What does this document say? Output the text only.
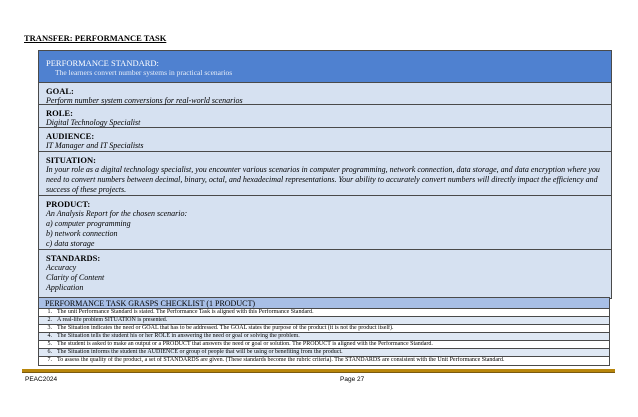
TRANSFER: PERFORMANCE TASK
PERFORMANCE STANDARD:
The learners convert number systems in practical scenarios
GOAL:
Perform number system conversions for real-world scenarios
ROLE:
Digital Technology Specialist
AUDIENCE:
IT Manager and IT Specialists
SITUATION:
In your role as a digital technology specialist, you encounter various scenarios in computer programming, network connection, data storage, and data encryption where you need to convert numbers between decimal, binary, octal, and hexadecimal representations. Your ability to accurately convert numbers will directly impact the efficiency and success of these projects.
PRODUCT:
An Analysis Report for the chosen scenario:
a) computer programming
b) network connection
c) data storage
STANDARDS:
Accuracy
Clarity of Content
Application
PERFORMANCE TASK GRASPS CHECKLIST (1 PRODUCT)
1. The unit Performance Standard is stated. The Performance Task is aligned with this Performance Standard.
2. A real-life problem SITUATION is presented.
3. The Situation indicates the need or GOAL that has to be addressed. The GOAL states the purpose of the product (it is not the product itself).
4. The Situation tells the student his or her ROLE in answering the need or goal or solving the problem.
5. The student is asked to make an output or a PRODUCT that answers the need or goal or solution. The PRODUCT is aligned with the Performance Standard.
6. The Situation informs the student the AUDIENCE or group of people that will be using or benefiting from the product.
7. To assess the quality of the product, a set of STANDARDS are given. (These standards become the rubric criteria). The STANDARDS are consistent with the Unit Performance Standard.
PEAC2024	Page 27
